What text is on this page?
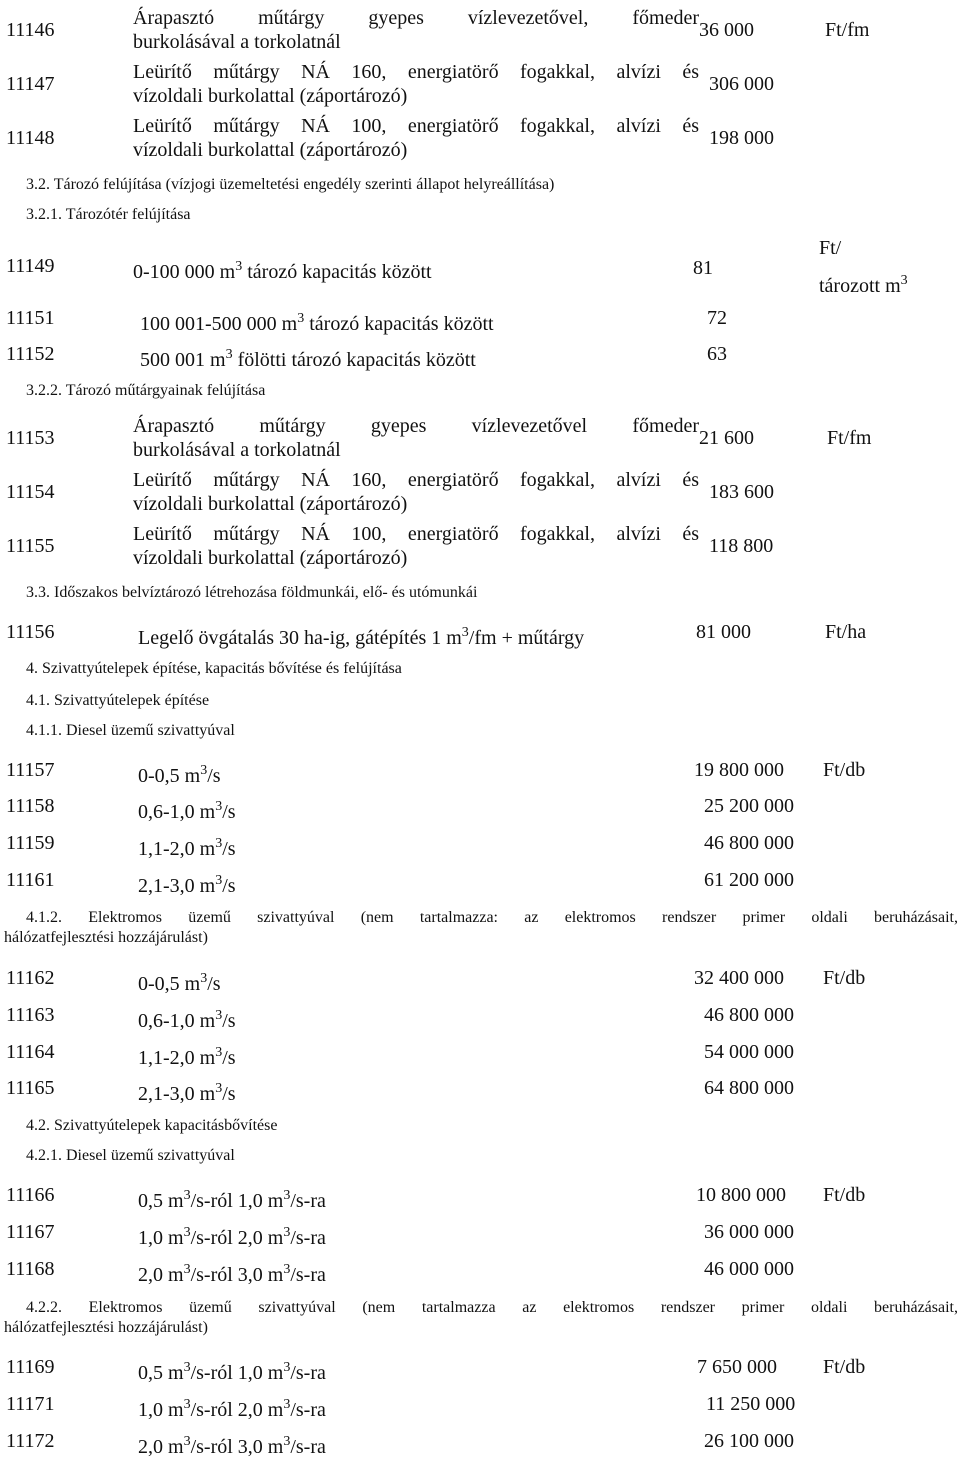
11146
Árapasztó műtárgy gyepes vízlevezetővel, főmeder
burkolásával a torkolatnál
36 000	Ft/fm
11147
Leürítő műtárgy NÁ 160, energiatörő fogakkal, alvízi és
vízoldali burkolattal (záportározó)
306 000
11148
Leürítő műtárgy NÁ 100, energiatörő fogakkal, alvízi és
vízoldali burkolattal (záportározó)
198 000
3.2. Tározó felújítása (vízjogi üzemeltetési engedély szerinti állapot helyreállítása)
3.2.1. Tározótér felújítása
Ft/
tározott $m^3$
11149	0-100 000 $m^3$ tározó kapacitás között	81
11151	100 001-500 000 $m^3$ tározó kapacitás között	72
11152	500 001 $m^3$ fölötti tározó kapacitás között	63
3.2.2. Tározó műtárgyainak felújítása
11153
Árapasztó műtárgy gyepes vízlevezetővel főmeder
burkolásával a torkolatnál
21 600	Ft/fm
11154
Leürítő műtárgy NÁ 160, energiatörő fogakkal, alvízi és
vízoldali burkolattal (záportározó)
183 600
11155
Leürítő műtárgy NÁ 100, energiatörő fogakkal, alvízi és
vízoldali burkolattal (záportározó)
118 800
3.3. Időszakos belvíztározó létrehozása földmunkái, elő- és utómunkái
11156	Legelő övgátalás 30 ha-ig, gátépítés 1 $m^3/fm$ + műtárgy	81 000	Ft/ha
4. Szivattyútelepek építése, kapacitás bővítése és felújítása
4.1. Szivattyútelepek építése
4.1.1. Diesel üzemű szivattyúval
11157	0-0,5 $m^3/s$	19 800 000 Ft/db
11158	0,6-1,0 $m^3/s$	25 200 000
11159	1,1-2,0 $m^3/s$	46 800 000
11161	2,1-3,0 $m^3/s$	61 200 000
4.1.2. Elektromos üzemű szivattyúval (nem tartalmazza: az elektromos rendszer primer oldali beruházásait,
hálózatfejlesztési hozzájárulást)
11162	0-0,5 $m^3/s$	32 400 000 Ft/db
11163	0,6-1,0 $m^3/s$	46 800 000
11164	1,1-2,0 $m^3/s$	54 000 000
11165	2,1-3,0 $m^3/s$	64 800 000
4.2. Szivattyútelepek kapacitásbővítése
4.2.1. Diesel üzemű szivattyúval
11166	0,5 $m^3/s$-ról 1,0 $m^3/s-ra$	10 800 000 Ft/db
11167	1,0 $m^3/s$-ról 2,0 $m^3/s-ra$	36 000 000
11168	2,0 $m^3/s$-ról 3,0 $m^3/s-ra$	46 000 000
4.2.2. Elektromos üzemű szivattyúval (nem tartalmazza az elektromos rendszer primer oldali beruházásait,
hálózatfejlesztési hozzájárulást)
11169	0,5 $m^3/s$-ról 1,0 $m^3/s-ra$	7 650 000 Ft/db
11171	1,0 $m^3/s$-ról 2,0 $m^3/s-ra$	11 250 000
11172	2,0 $m^3/s$-ról 3,0 $m^3/s-ra$	26 100 000
